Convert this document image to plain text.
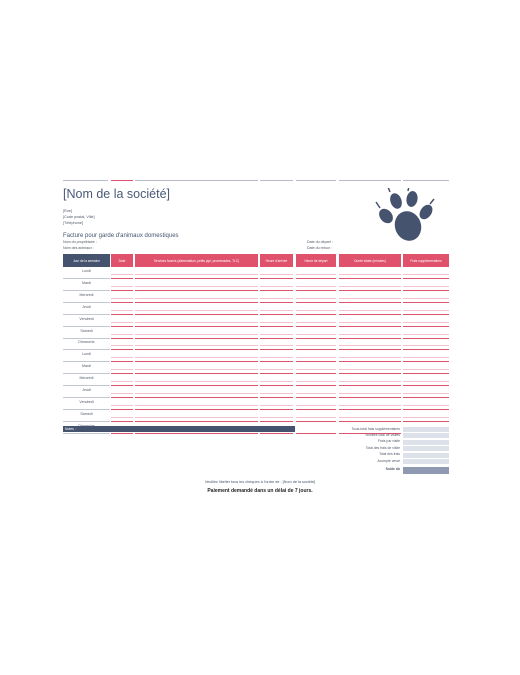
[Nom de la société]
[Rue]
[Code postal, Ville]
[Téléphone]
Facture pour garde d'animaux domestiques
Nom du propriétaire :
Nom des animaux :
Date du départ :
Date du retour :
Jour de la semaine	Date	Services fournis (alimentation, petits pipi, promenades, TLC)	Heure d'arrivée	Heure de départ	Durée totale (minutes)	Frais supplémentaires
Lundi
Mardi
Mercredi
Jeudi
Vendredi
Samedi
Dimanche
Lundi
Mardi
Mercredi
Jeudi
Vendredi
Samedi
Notes :	Sous-total frais supplémentaires
Nombre total de visites
Frais par visite
Total des frais de visite
Total des frais
Acompte versé
Solde dû
Veuillez libeller tous les chèques à l'ordre de : [Nom de la société]
Paiement demandé dans un délai de 7 jours.
